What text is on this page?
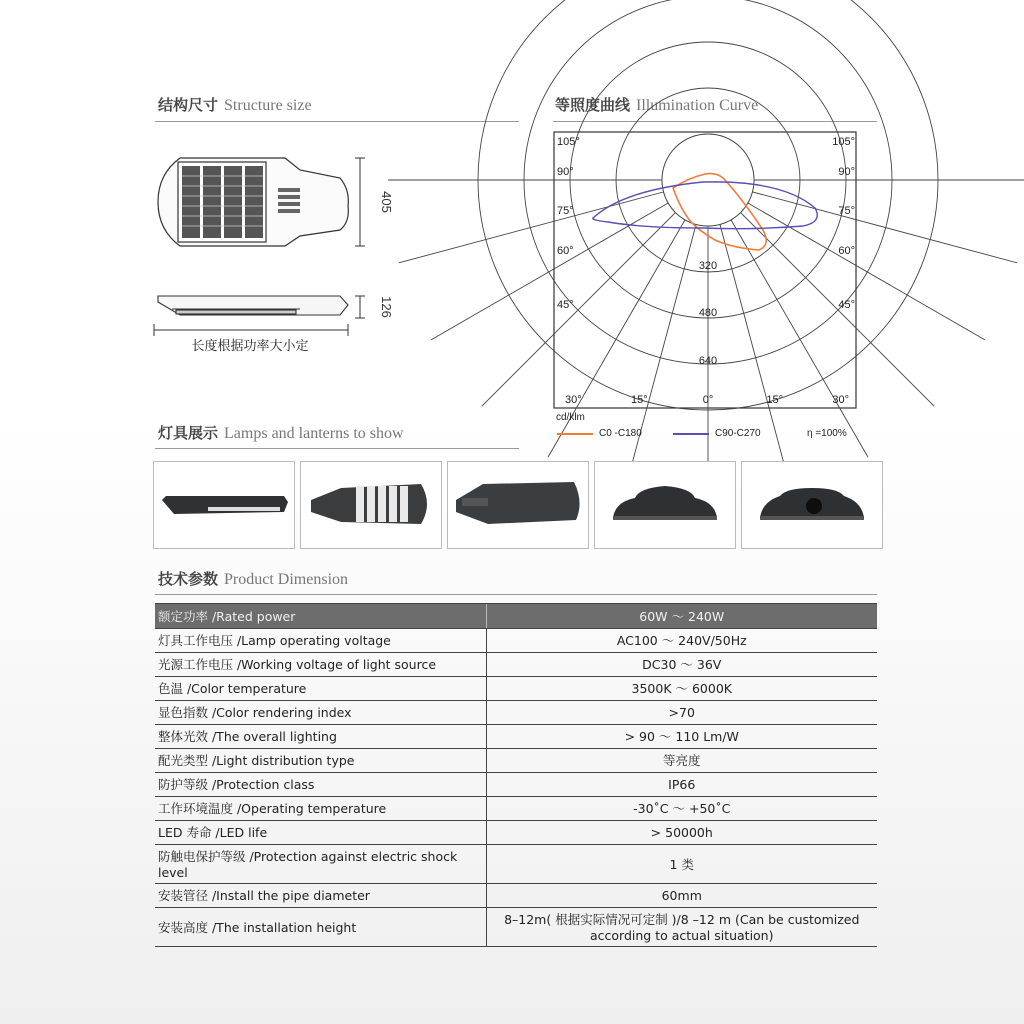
结构尺寸 Structure size	等照度曲线 Illumination Curve
405
126
长度根据功率大小定
105°
90°
75°
60°
45°
30°	15°
105°
90°
75°
60°
45°
30°
15°
0°
320
480
640
cd/klm
C0 -C180	C90-C270	η =100%
灯具展示 Lamps and lanterns to show
技术参数 Product Dimension
额定功率 /Rated power	60W ～ 240W
灯具工作电压 /Lamp operating voltage	AC100 ～ 240V/50Hz
光源工作电压 /Working voltage of light source	DC30 ～ 36V
色温 /Color temperature	3500K ～ 6000K
显色指数 /Color rendering index	>70
整体光效 /The overall lighting	> 90 ～ 110 Lm/W
配光类型 /Light distribution type	等亮度
防护等级 /Protection class	IP66
工作环境温度 /Operating temperature	-30˚C ～ +50˚C
LED 寿命 /LED life	> 50000h
防触电保护等级 /Protection against electric shock level	1 类
安装管径 /Install the pipe diameter	60mm
安装高度 /The installation height	8–12m( 根据实际情况可定制 )/8 –12 m (Can be customized according to actual situation)
